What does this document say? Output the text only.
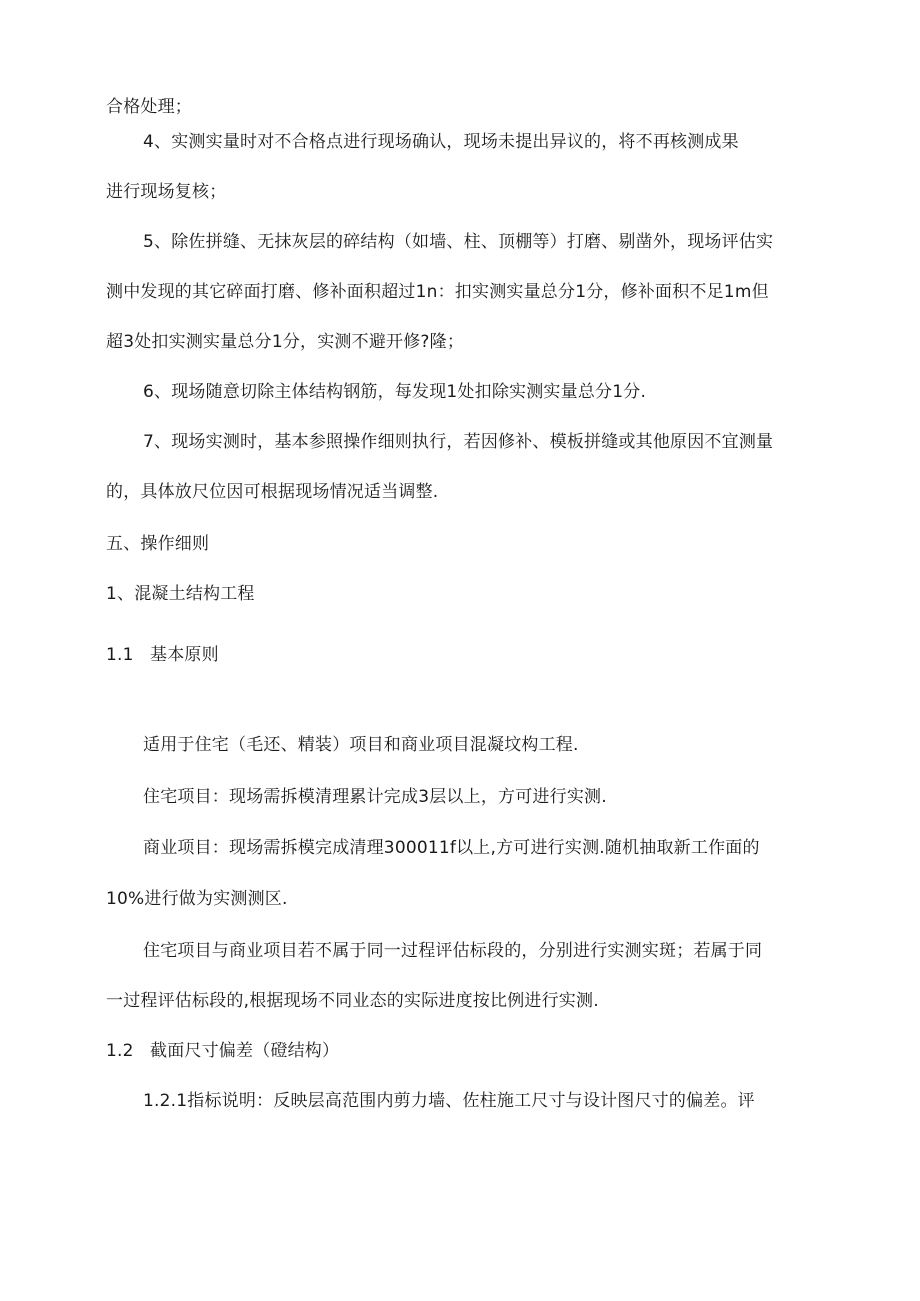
合格处理；
4、实测实量时对不合格点进行现场确认，现场未提出异议的，将不再核测成果
进行现场复核；
5、除佐拼缝、无抹灰层的碎结构（如墙、柱、顶棚等）打磨、剔凿外，现场评估实
测中发现的其它碎面打磨、修补面积超过1n：扣实测实量总分1分，修补面积不足1m但
超3处扣实测实量总分1分，实测不避开修?隆；
6、现场随意切除主体结构钢筋，每发现1处扣除实测实量总分1分.
7、现场实测时，基本参照操作细则执行，若因修补、模板拼缝或其他原因不宜测量
的，具体放尺位因可根据现场情况适当调整.
五、操作细则
1、混凝土结构工程
1.1 基本原则
适用于住宅（毛还、精装）项目和商业项目混凝坟构工程.
住宅项目：现场需拆模清理累计完成3层以上，方可进行实测.
商业项目：现场需拆模完成清理300011f以上,方可进行实测.随机抽取新工作面的
10%进行做为实测测区.
住宅项目与商业项目若不属于同一过程评估标段的，分别进行实测实斑；若属于同
一过程评估标段的,根据现场不同业态的实际进度按比例进行实测.
1.2 截面尺寸偏差（磴结构）
1.2.1指标说明：反映层高范围内剪力墙、佐柱施工尺寸与设计图尺寸的偏差。评
